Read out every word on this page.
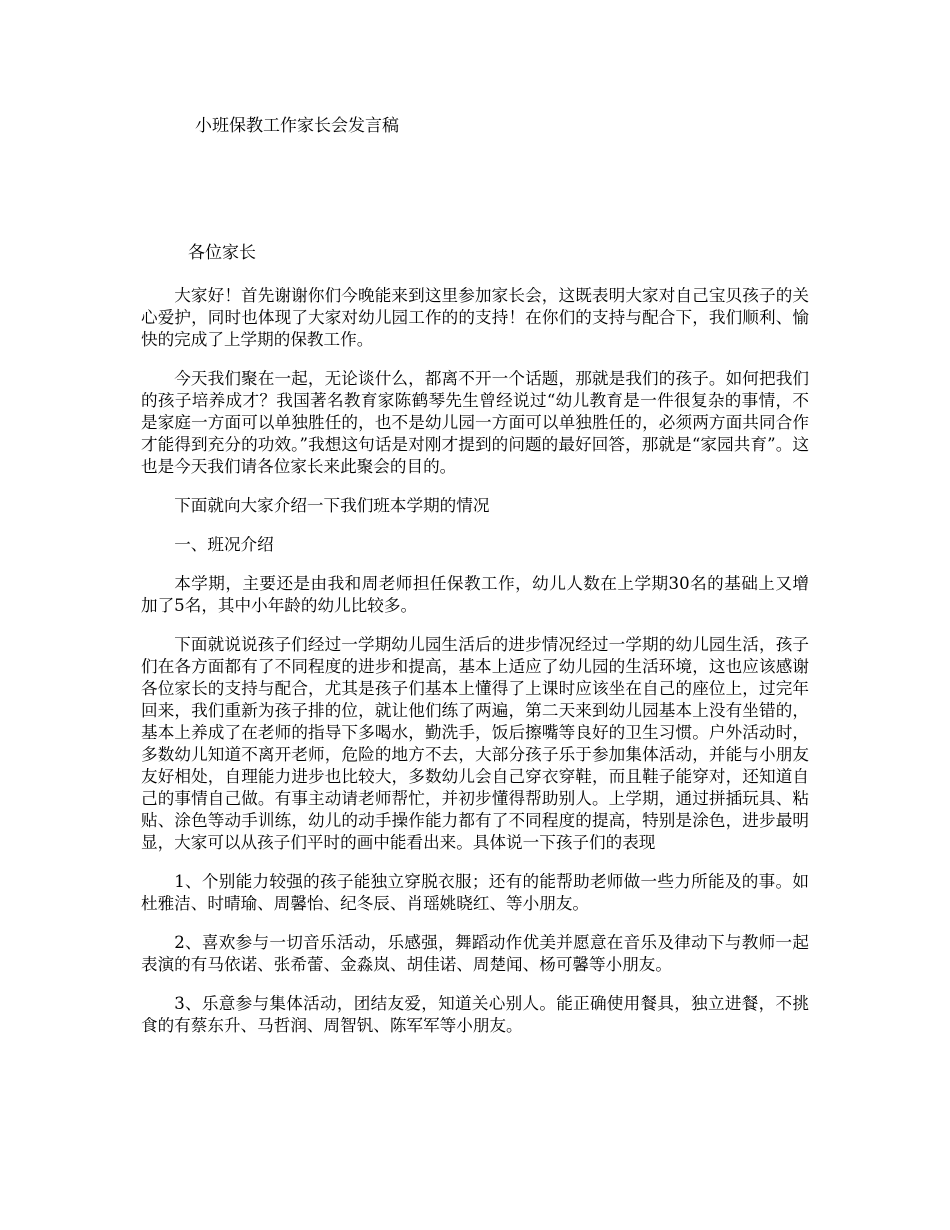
小班保教工作家长会发言稿
各位家长

大家好！首先谢谢你们今晚能来到这里参加家长会，这既表明大家对自己宝贝孩子的关心爱护，同时也体现了大家对幼儿园工作的的支持！在你们的支持与配合下，我们顺利、愉快的完成了上学期的保教工作。

今天我们聚在一起，无论谈什么，都离不开一个话题，那就是我们的孩子。如何把我们的孩子培养成才？我国著名教育家陈鹤琴先生曾经说过“幼儿教育是一件很复杂的事情，不是家庭一方面可以单独胜任的，也不是幼儿园一方面可以单独胜任的，必须两方面共同合作才能得到充分的功效。”我想这句话是对刚才提到的问题的最好回答，那就是“家园共育”。这也是今天我们请各位家长来此聚会的目的。

下面就向大家介绍一下我们班本学期的情况

一、班况介绍

本学期，主要还是由我和周老师担任保教工作，幼儿人数在上学期30名的基础上又增加了5名，其中小年龄的幼儿比较多。

下面就说说孩子们经过一学期幼儿园生活后的进步情况经过一学期的幼儿园生活，孩子们在各方面都有了不同程度的进步和提高，基本上适应了幼儿园的生活环境，这也应该感谢各位家长的支持与配合，尤其是孩子们基本上懂得了上课时应该坐在自己的座位上，过完年回来，我们重新为孩子排的位，就让他们练了两遍，第二天来到幼儿园基本上没有坐错的，基本上养成了在老师的指导下多喝水，勤洗手，饭后擦嘴等良好的卫生习惯。户外活动时，多数幼儿知道不离开老师，危险的地方不去，大部分孩子乐于参加集体活动，并能与小朋友友好相处，自理能力进步也比较大，多数幼儿会自己穿衣穿鞋，而且鞋子能穿对，还知道自己的事情自己做。有事主动请老师帮忙，并初步懂得帮助别人。上学期，通过拼插玩具、粘贴、涂色等动手训练，幼儿的动手操作能力都有了不同程度的提高，特别是涂色，进步最明显，大家可以从孩子们平时的画中能看出来。具体说一下孩子们的表现

1、个别能力较强的孩子能独立穿脱衣服；还有的能帮助老师做一些力所能及的事。如杜雅洁、时晴瑜、周馨怡、纪冬辰、肖瑶姚晓红、等小朋友。

2、喜欢参与一切音乐活动，乐感强，舞蹈动作优美并愿意在音乐及律动下与教师一起表演的有马依诺、张希蕾、金淼岚、胡佳诺、周楚闻、杨可馨等小朋友。

3、乐意参与集体活动，团结友爱，知道关心别人。能正确使用餐具，独立进餐，不挑食的有蔡东升、马哲润、周智钒、陈军军等小朋友。
